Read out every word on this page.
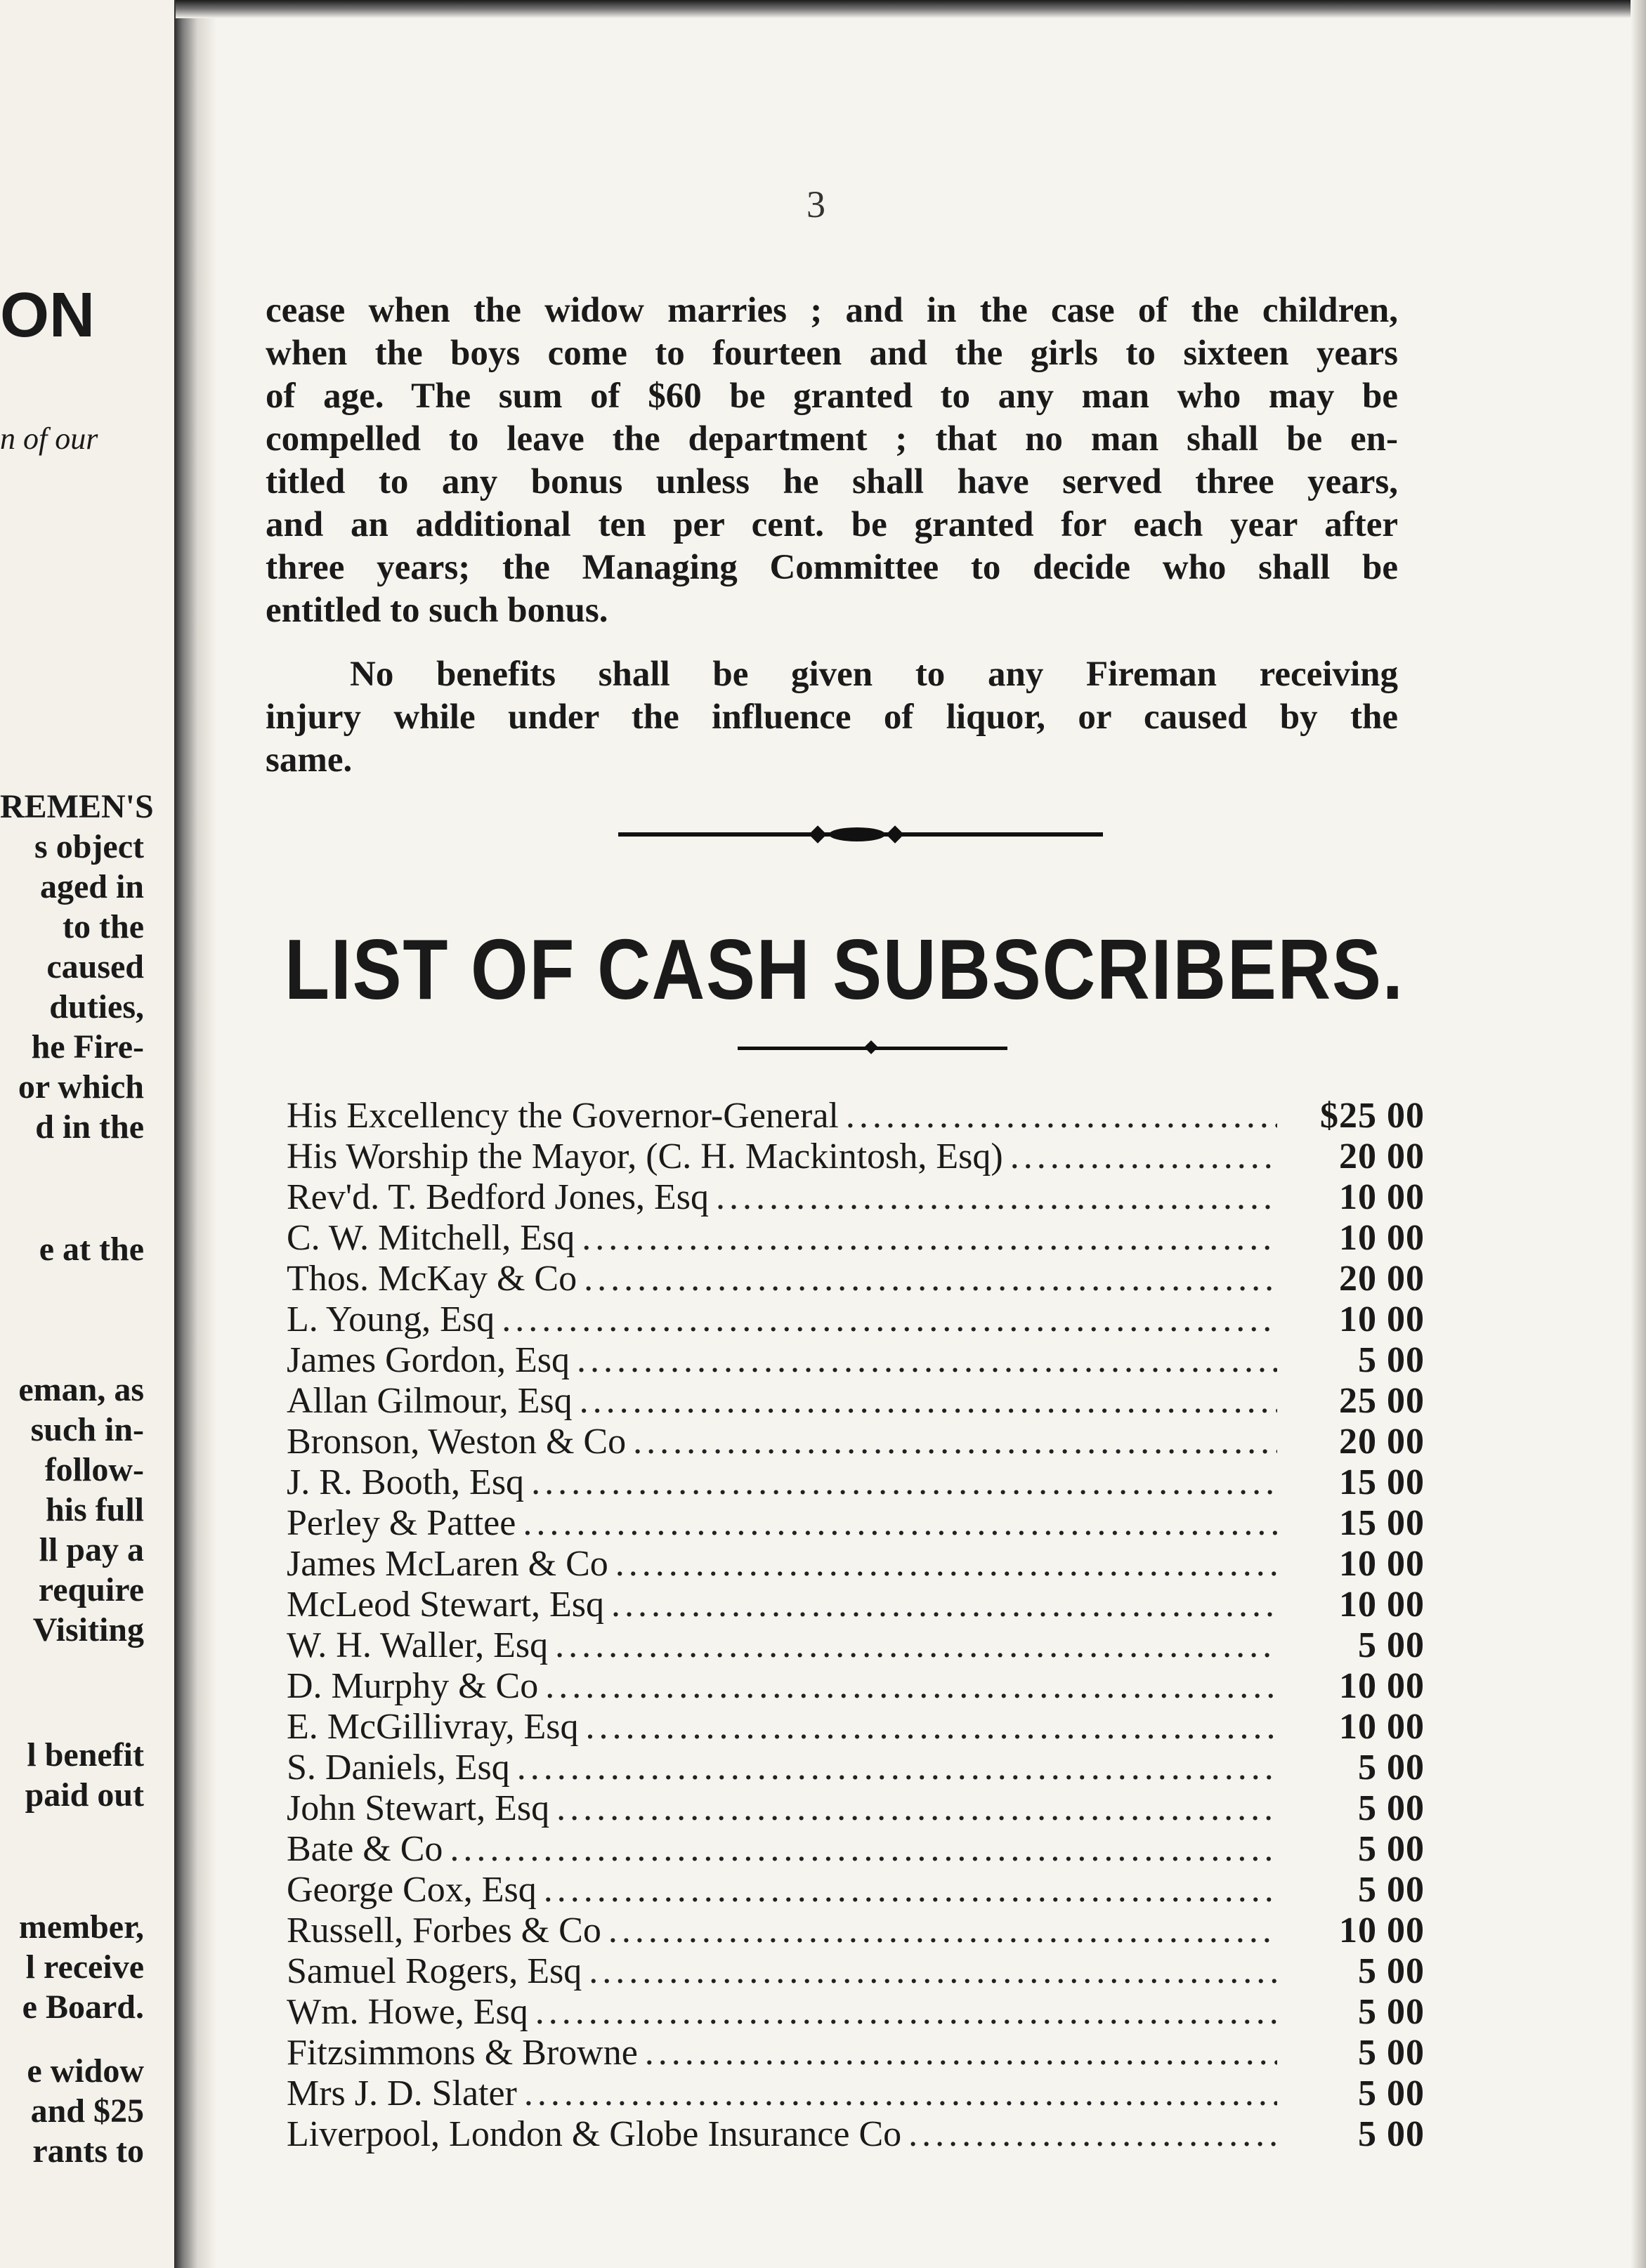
ON
n of our
REMEN'S
s object
aged in
to the
caused
duties,
he Fire-
or which
d in the
e at the
eman, as
such in-
follow-
his full
ll pay a
require
Visiting
l benefit
paid out
member,
l receive
e Board.
e widow
and $25
rants to
3
cease when the widow marries ; and in the case of the children,
when the boys come to fourteen and the girls to sixteen years
of age. The sum of $60 be granted to any man who may be
compelled to leave the department ; that no man shall be en-
titled to any bonus unless he shall have served three years,
and an additional ten per cent. be granted for each year after
three years; the Managing Committee to decide who shall be
entitled to such bonus.
No benefits shall be given to any Fireman receiving
injury while under the influence of liquor, or caused by the
same.
LIST OF CASH SUBSCRIBERS.
His Excellency the Governor-General .....	$25 00
His Worship the Mayor, (C. H. Mackintosh, Esq) .....	20 00
Rev'd. T. Bedford Jones, Esq .....	10 00
C. W. Mitchell, Esq .....	10 00
Thos. McKay & Co .....	20 00
L. Young, Esq .....	10 00
James Gordon, Esq .....	5 00
Allan Gilmour, Esq .....	25 00
Bronson, Weston & Co .....	20 00
J. R. Booth, Esq .....	15 00
Perley & Pattee .....	15 00
James McLaren & Co .....	10 00
McLeod Stewart, Esq .....	10 00
W. H. Waller, Esq .....	5 00
D. Murphy & Co .....	10 00
E. McGillivray, Esq .....	10 00
S. Daniels, Esq .....	5 00
John Stewart, Esq .....	5 00
Bate & Co .....	5 00
George Cox, Esq .....	5 00
Russell, Forbes & Co .....	10 00
Samuel Rogers, Esq .....	5 00
Wm. Howe, Esq .....	5 00
Fitzsimmons & Browne .....	5 00
Mrs J. D. Slater .....	5 00
Liverpool, London & Globe Insurance Co .....	5 00
